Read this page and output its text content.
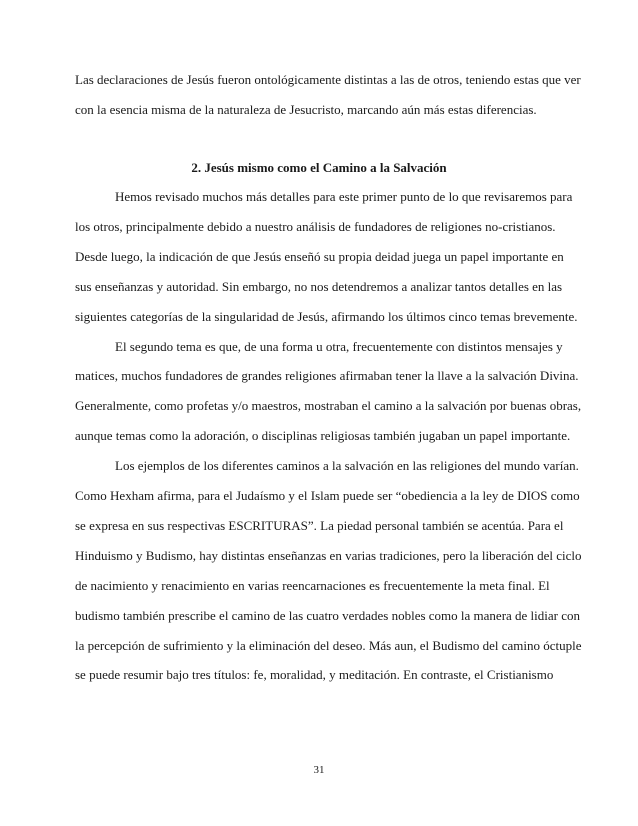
Las declaraciones de Jesús fueron ontológicamente distintas a las de otros, teniendo estas que ver
con la esencia misma de la naturaleza de Jesucristo, marcando aún más estas diferencias.
2. Jesús mismo como el Camino a la Salvación
Hemos revisado muchos más detalles para este primer punto de lo que revisaremos para
los otros, principalmente debido a nuestro análisis de fundadores de religiones no-cristianos.
Desde luego, la indicación de que Jesús enseñó su propia deidad juega un papel importante en
sus enseñanzas y autoridad. Sin embargo, no nos detendremos a analizar tantos detalles en las
siguientes categorías de la singularidad de Jesús, afirmando los últimos cinco temas brevemente.
El segundo tema es que, de una forma u otra, frecuentemente con distintos mensajes y
matices, muchos fundadores de grandes religiones afirmaban tener la llave a la salvación Divina.
Generalmente, como profetas y/o maestros, mostraban el camino a la salvación por buenas obras,
aunque temas como la adoración, o disciplinas religiosas también jugaban un papel importante.
Los ejemplos de los diferentes caminos a la salvación en las religiones del mundo varían.
Como Hexham afirma, para el Judaísmo y el Islam puede ser “obediencia a la ley de DIOS como
se expresa en sus respectivas ESCRITURAS”. La piedad personal también se acentúa. Para el
Hinduismo y Budismo, hay distintas enseñanzas en varias tradiciones, pero la liberación del ciclo
de nacimiento y renacimiento en varias reencarnaciones es frecuentemente la meta final. El
budismo también prescribe el camino de las cuatro verdades nobles como la manera de lidiar con
la percepción de sufrimiento y la eliminación del deseo. Más aun, el Budismo del camino óctuple
se puede resumir bajo tres títulos: fe, moralidad, y meditación. En contraste, el Cristianismo
31
